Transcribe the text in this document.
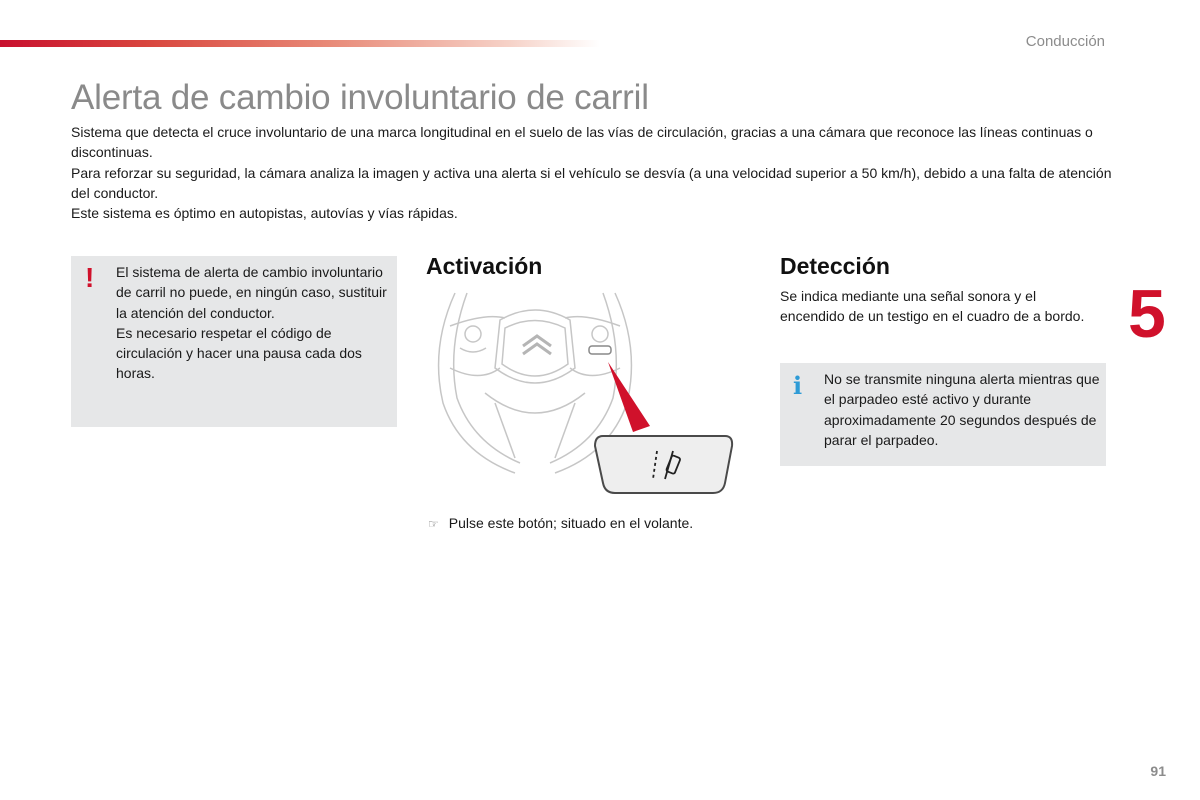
Conducción
Alerta de cambio involuntario de carril

Sistema que detecta el cruce involuntario de una marca longitudinal en el suelo de las vías de circulación, gracias a una cámara que reconoce las líneas continuas o discontinuas.

Para reforzar su seguridad, la cámara analiza la imagen y activa una alerta si el vehículo se desvía (a una velocidad superior a 50 km/h), debido a una falta de atención del conductor.

Este sistema es óptimo en autopistas, autovías y vías rápidas.

! El sistema de alerta de cambio involuntario de carril no puede, en ningún caso, sustituir la atención del conductor.

Es necesario respetar el código de circulación y hacer una pausa cada dos horas.

Activación
☞ Pulse este botón; situado en el volante.
Detección
Se indica mediante una señal sonora y el encendido de un testigo en el cuadro de a bordo.
i No se transmite ninguna alerta mientras que el parpadeo esté activo y durante aproximadamente 20 segundos después de parar el parpadeo.
5
91
